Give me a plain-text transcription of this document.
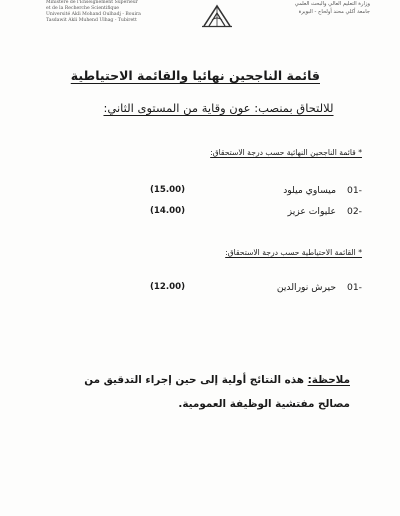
Ministère de l'Enseignement Supérieur
et de la Recherche Scientifique
Université Akli Mohand Oulhadj - Bouira
Tasdawit Akli Muhend Ulhag - Tubirett
وزارة التعليم العالي والبحث العلمي
جامعة أكلي محند أولحاج - البويرة
قائمة الناجحين نهائيا والقائمة الاحتياطية
للالتحاق بمنصب: عون وقاية من المستوى الثاني:
* قائمة الناجحين النهائية حسب درجة الاستحقاق:
-01
ميساوي ميلود
(15.00)
-02
عليوات عزيز
(14.00)
* القائمة الاحتياطية حسب درجة الاستحقاق:
-01
حيرش نورالدين
(12.00)
ملاحظة: هذه النتائج أولية إلى حين إجراء التدقيق من مصالح مفتشية الوظيفة العمومية.
